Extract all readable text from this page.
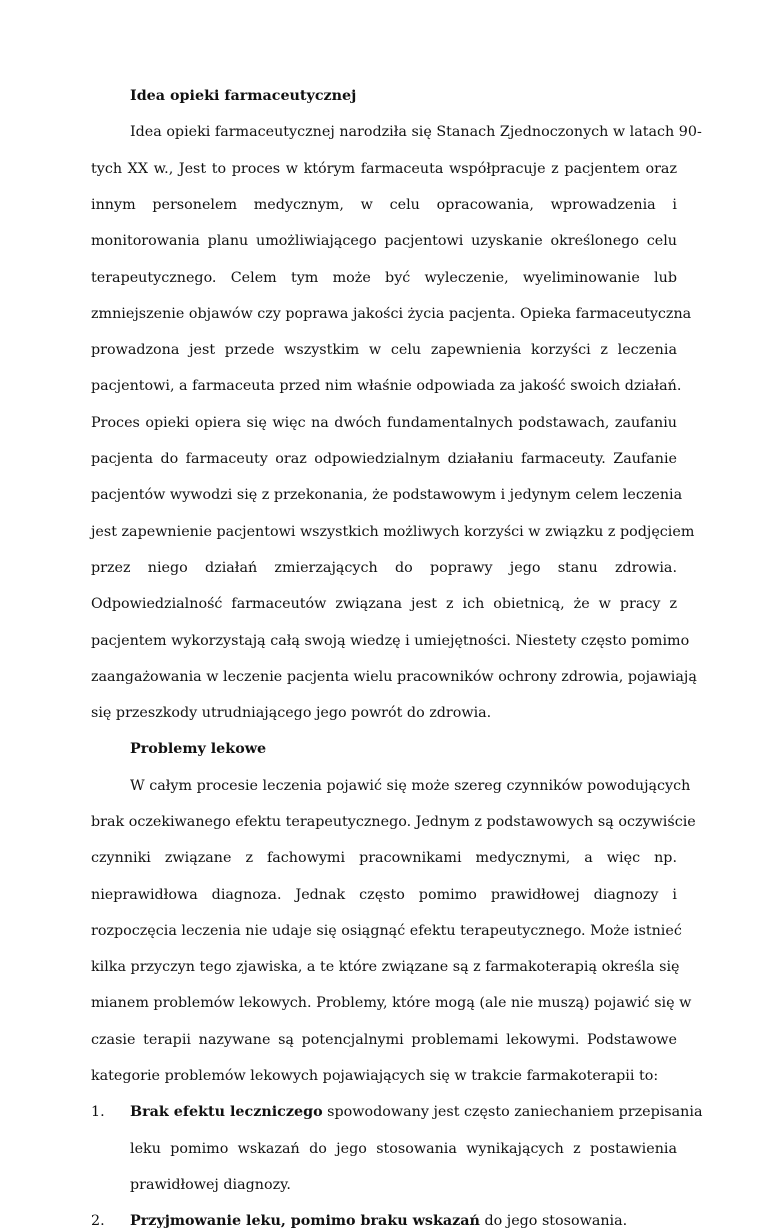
Idea opieki farmaceutycznej
Idea opieki farmaceutycznej narodziła się Stanach Zjednoczonych w latach 90-
tych XX w., Jest to proces w którym farmaceuta współpracuje z pacjentem oraz
innym personelem medycznym, w celu opracowania, wprowadzenia i
monitorowania planu umożliwiającego pacjentowi uzyskanie określonego celu
terapeutycznego. Celem tym może być wyleczenie, wyeliminowanie lub
zmniejszenie objawów czy poprawa jakości życia pacjenta. Opieka farmaceutyczna
prowadzona jest przede wszystkim w celu zapewnienia korzyści z leczenia
pacjentowi, a farmaceuta przed nim właśnie odpowiada za jakość swoich działań.
Proces opieki opiera się więc na dwóch fundamentalnych podstawach, zaufaniu
pacjenta do farmaceuty oraz odpowiedzialnym działaniu farmaceuty. Zaufanie
pacjentów wywodzi się z przekonania, że podstawowym i jedynym celem leczenia
jest zapewnienie pacjentowi wszystkich możliwych korzyści w związku z podjęciem
przez niego działań zmierzających do poprawy jego stanu zdrowia.
Odpowiedzialność farmaceutów związana jest z ich obietnicą, że w pracy z
pacjentem wykorzystają całą swoją wiedzę i umiejętności. Niestety często pomimo
zaangażowania w leczenie pacjenta wielu pracowników ochrony zdrowia, pojawiają
się przeszkody utrudniającego jego powrót do zdrowia.
Problemy lekowe
W całym procesie leczenia pojawić się może szereg czynników powodujących
brak oczekiwanego efektu terapeutycznego. Jednym z podstawowych są oczywiście
czynniki związane z fachowymi pracownikami medycznymi, a więc np.
nieprawidłowa diagnoza. Jednak często pomimo prawidłowej diagnozy i
rozpoczęcia leczenia nie udaje się osiągnąć efektu terapeutycznego. Może istnieć
kilka przyczyn tego zjawiska, a te które związane są z farmakoterapią określa się
mianem problemów lekowych. Problemy, które mogą (ale nie muszą) pojawić się w
czasie terapii nazywane są potencjalnymi problemami lekowymi. Podstawowe
kategorie problemów lekowych pojawiających się w trakcie farmakoterapii to:
1.	Brak efektu leczniczego spowodowany jest często zaniechaniem przepisania
leku pomimo wskazań do jego stosowania wynikających z postawienia
prawidłowej diagnozy.
2.	Przyjmowanie leku, pomimo braku wskazań do jego stosowania.
